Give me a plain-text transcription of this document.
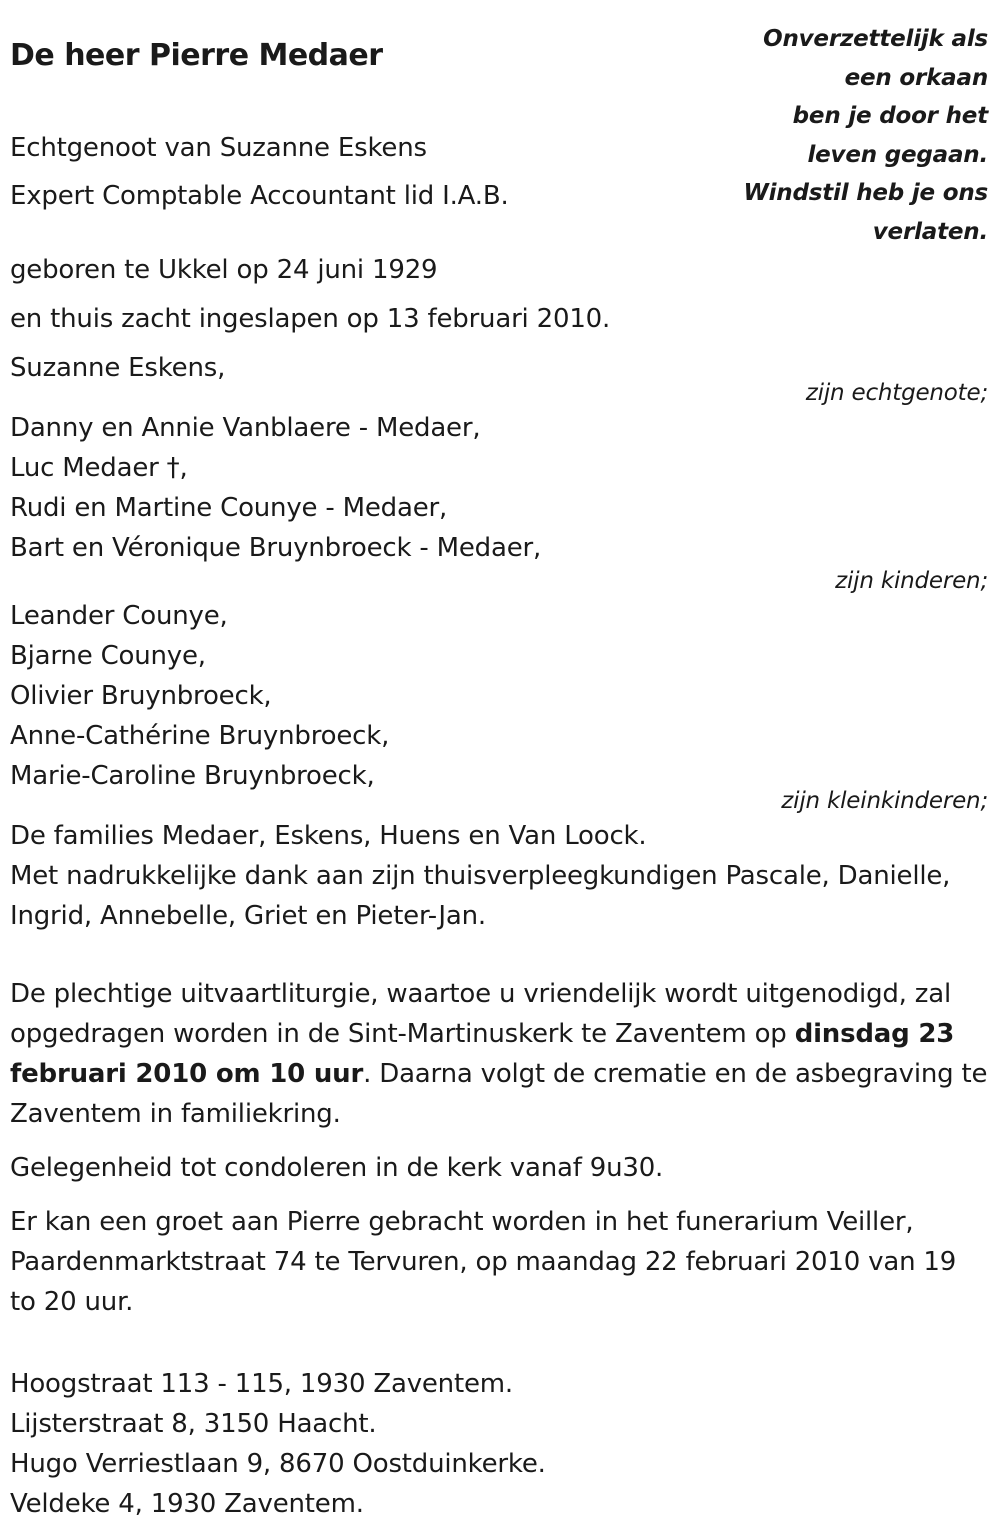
Onverzettelijk als
een orkaan
ben je door het
leven gegaan.
Windstil heb je ons
verlaten.
De heer Pierre Medaer
Echtgenoot van Suzanne Eskens
Expert Comptable Accountant lid I.A.B.
geboren te Ukkel op 24 juni 1929
en thuis zacht ingeslapen op 13 februari 2010.
Suzanne Eskens,
zijn echtgenote;
Danny en Annie Vanblaere - Medaer,
Luc Medaer †,
Rudi en Martine Counye - Medaer,
Bart en Véronique Bruynbroeck - Medaer,
zijn kinderen;
Leander Counye,
Bjarne Counye,
Olivier Bruynbroeck,
Anne-Cathérine Bruynbroeck,
Marie-Caroline Bruynbroeck,
zijn kleinkinderen;
De families Medaer, Eskens, Huens en Van Loock.
Met nadrukkelijke dank aan zijn thuisverpleegkundigen Pascale, Danielle,
Ingrid, Annebelle, Griet en Pieter-Jan.
De plechtige uitvaartliturgie, waartoe u vriendelijk wordt uitgenodigd, zal
opgedragen worden in de Sint-Martinuskerk te Zaventem op dinsdag 23
februari 2010 om 10 uur. Daarna volgt de crematie en de asbegraving te
Zaventem in familiekring.
Gelegenheid tot condoleren in de kerk vanaf 9u30.
Er kan een groet aan Pierre gebracht worden in het funerarium Veiller,
Paardenmarktstraat 74 te Tervuren, op maandag 22 februari 2010 van 19
to 20 uur.
Hoogstraat 113 - 115, 1930 Zaventem.
Lijsterstraat 8, 3150 Haacht.
Hugo Verriestlaan 9, 8670 Oostduinkerke.
Veldeke 4, 1930 Zaventem.
